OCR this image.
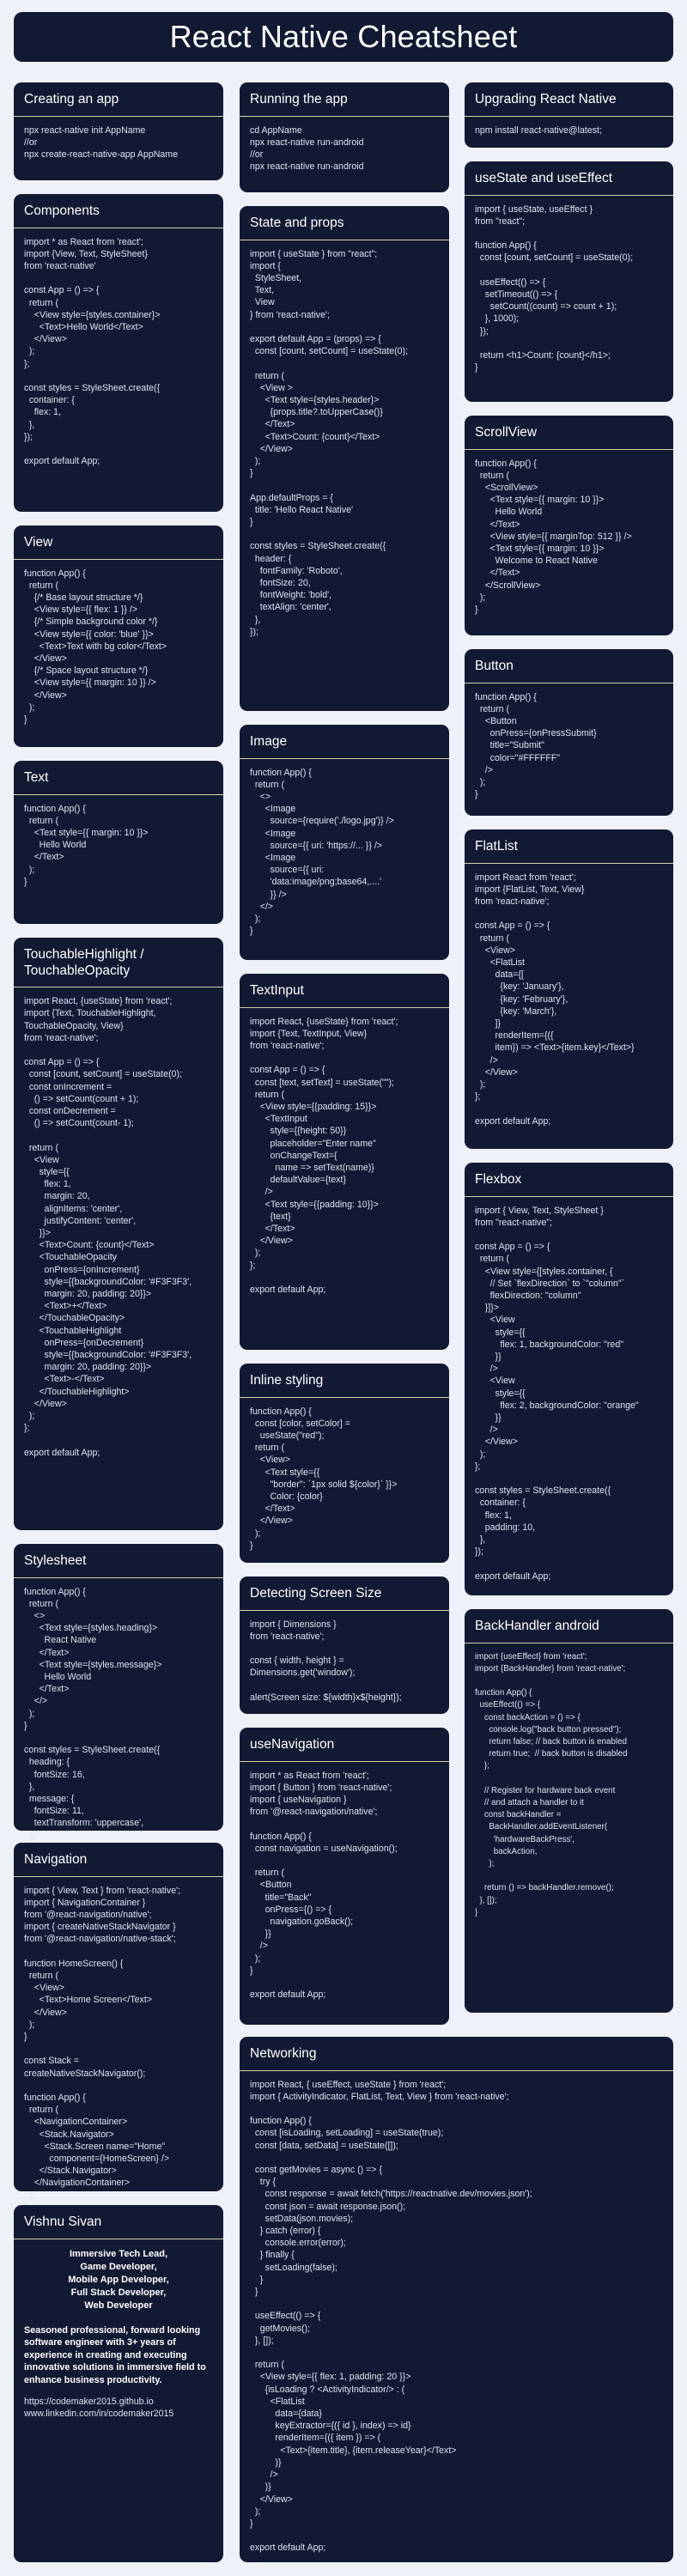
React Native Cheatsheet
Creating an app
npx react-native init AppName
//or
npx create-react-native-app AppName
Components
import * as React from 'react';
import {View, Text, StyleSheet}
from 'react-native'

const App = () => {
return (
<View style={styles.container}>
<Text>Hello World</Text>
</View>
);
};

const styles = StyleSheet.create({
container: {
flex: 1,
},
});

export default App;
View
function App() {
return (
{/* Base layout structure */}
<View style={{ flex: 1 }} />
{/* Simple background color */}
<View style={{ color: 'blue' }}>
<Text>Text with bg color</Text>
</View>
{/* Space layout structure */}
<View style={{ margin: 10 }} />
</View>
);
}
Text
function App() {
return (
<Text style={{ margin: 10 }}>
Hello World
</Text>
);
}
TouchableHighlight /
TouchableOpacity
import React, {useState} from 'react';
import {Text, TouchableHighlight,
TouchableOpacity, View}
from 'react-native';

const App = () => {
const [count, setCount] = useState(0);
const onIncrement =
() => setCount(count + 1);
const onDecrement =
() => setCount(count- 1);

return (
<View
style={{
flex: 1,
margin: 20,
alignItems: 'center',
justifyContent: 'center',
}}>
<Text>Count: {count}</Text>
<TouchableOpacity
onPress={onIncrement}
style={{backgroundColor: '#F3F3F3',
margin: 20, padding: 20}}>
<Text>+</Text>
</TouchableOpacity>
<TouchableHighlight
onPress={onDecrement}
style={{backgroundColor: '#F3F3F3',
margin: 20, padding: 20}}>
<Text>-</Text>
</TouchableHighlight>
</View>
);
};

export default App;
Stylesheet
function App() {
return (
<>
<Text style={styles.heading}>
React Native
</Text>
<Text style={styles.message}>
Hello World
</Text>
</>
);
}

const styles = StyleSheet.create({
heading: {
fontSize: 16,
},
message: {
fontSize: 11,
textTransform: 'uppercase',
},

Navigation
import { View, Text } from 'react-native';
import { NavigationContainer }
from '@react-navigation/native';
import { createNativeStackNavigator }
from '@react-navigation/native-stack';

function HomeScreen() {
return (
<View>
<Text>Home Screen</Text>
</View>
);
}

const Stack =
createNativeStackNavigator();

function App() {
return (
<NavigationContainer>
<Stack.Navigator>
<Stack.Screen name="Home"
component={HomeScreen} />
</Stack.Navigator>
</NavigationContainer>
);

Vishnu Sivan
Immersive Tech Lead,
Game Developer,
Mobile App Developer,
Full Stack Developer,
Web Developer
Seasoned professional, forward looking software engineer with 3+ years of experience in creating and executing innovative solutions in immersive field to enhance business productivity.
https://codemaker2015.github.io
www.linkedin.com/in/codemaker2015
Running the app
cd AppName
npx react-native run-android
//or
npx react-native run-android
State and props
import { useState } from "react";
import {
StyleSheet,
Text,
View
} from 'react-native';

export default App = (props) => {
const [count, setCount] = useState(0);

return (
<View >
<Text style={styles.header}>
{props.title?.toUpperCase()}
</Text>
<Text>Count: {count}</Text>
</View>
);
}

App.defaultProps = {
title: 'Hello React Native'
}

const styles = StyleSheet.create({
header: {
fontFamily: 'Roboto',
fontSize: 20,
fontWeight: 'bold',
textAlign: 'center',
},
});
Image
function App() {
return (
<>
<Image
source={require('./logo.jpg')} />
<Image
source={{ uri: 'https://... }} />
<Image
source={{ uri:
'data:image/png;base64,....'
}} />
</>
);
}
TextInput
import React, {useState} from 'react';
import {Text, TextInput, View}
from 'react-native';

const App = () => {
const [text, setText] = useState("");
return (
<View style={{padding: 15}}>
<TextInput
style={{height: 50}}
placeholder="Enter name"
onChangeText={
name => setText(name)}
defaultValue={text}
/>
<Text style={{padding: 10}}>
{text}
</Text>
</View>
);
};

export default App;
Inline styling
function App() {
const [color, setColor] =
useState("red");
return (
<View>
<Text style={{
"border": `1px solid ${color}` }}>
Color: {color}
</Text>
</View>
);
}
Detecting Screen Size
import { Dimensions }
from 'react-native';

const { width, height } =
Dimensions.get('window');

alert(Screen size: ${width}x${height});
useNavigation
import * as React from 'react';
import { Button } from 'react-native';
import { useNavigation }
from '@react-navigation/native';

function App() {
const navigation = useNavigation();

return (
<Button
title="Back"
onPress={() => {
navigation.goBack();
}}
/>
);
}

export default App;
Upgrading React Native
npm install react-native@latest;
useState and useEffect
import { useState, useEffect }
from "react";

function App() {
const [count, setCount] = useState(0);

useEffect(() => {
setTimeout(() => {
setCount((count) => count + 1);
}, 1000);
});

return <h1>Count: {count}</h1>;
}
ScrollView
function App() {
return (
<ScrollView>
<Text style={{ margin: 10 }}>
Hello World
</Text>
<View style={{ marginTop: 512 }} />
<Text style={{ margin: 10 }}>
Welcome to React Native
</Text>
</ScrollView>
);
}
Button
function App() {
return (
<Button
onPress={onPressSubmit}
title="Submit"
color="#FFFFFF"
/>
);
}
FlatList
import React from 'react';
import {FlatList, Text, View}
from 'react-native';

const App = () => {
return (
<View>
<FlatList
data={[
{key: 'January'},
{key: 'February'},
{key: 'March'},
]}
renderItem={({
item}) => <Text>{item.key}</Text>}
/>
</View>
);
};

export default App;
Flexbox
import { View, Text, StyleSheet }
from "react-native";

const App = () => {
return (
<View style={[styles.container, {
// Set `flexDirection` to `"column"`
flexDirection: "column"
}]}>
<View
style={{
flex: 1, backgroundColor: "red"
}}
/>
<View
style={{
flex: 2, backgroundColor: "orange"
}}
/>
</View>
);
};

const styles = StyleSheet.create({
container: {
flex: 1,
padding: 10,
},
});

export default App;
BackHandler android
import {useEffect} from 'react';
import {BackHandler} from 'react-native';

function App() {
useEffect(() => {
const backAction = () => {
console.log("back button pressed");
return false; // back button is enabled
return true;  // back button is disabled
};

// Register for hardware back event
// and attach a handler to it
const backHandler =
BackHandler.addEventListener(
'hardwareBackPress',
backAction,
);

return () => backHandler.remove();
}, []);
}
Networking
import React, { useEffect, useState } from 'react';
import { ActivityIndicator, FlatList, Text, View } from 'react-native';

function App() {
const [isLoading, setLoading] = useState(true);
const [data, setData] = useState([]);

const getMovies = async () => {
try {
const response = await fetch('https://reactnative.dev/movies.json');
const json = await response.json();
setData(json.movies);
} catch (error) {
console.error(error);
} finally {
setLoading(false);
}
}

useEffect(() => {
getMovies();
}, []);

return (
<View style={{ flex: 1, padding: 20 }}>
{isLoading ? <ActivityIndicator/> : (
<FlatList
data={data}
keyExtractor={({ id }, index) => id}
renderItem={({ item }) => (
<Text>{item.title}, {item.releaseYear}</Text>
)}
/>
)}
</View>
);
}

export default App;
